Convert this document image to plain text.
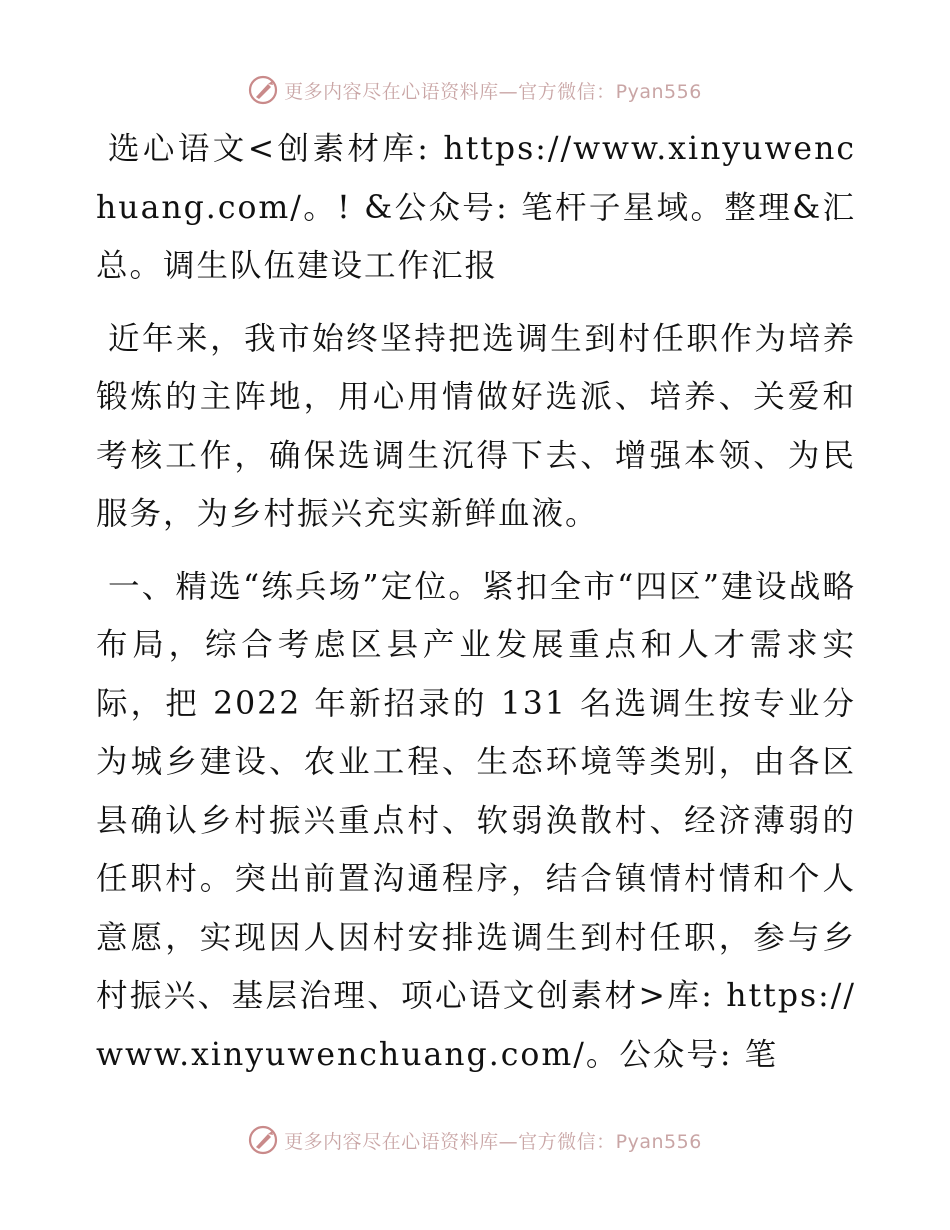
更多内容尽在心语资料库—官方微信：Pyan556

选心语文<创素材库: https://www.xinyuwenchuang.com/。! &公众号: 笔杆子星域。整理&汇总。调生队伍建设工作汇报

近年来，我市始终坚持把选调生到村任职作为培养锻炼的主阵地，用心用情做好选派、培养、关爱和考核工作，确保选调生沉得下去、增强本领、为民服务，为乡村振兴充实新鲜血液。

一、精选“练兵场”定位。紧扣全市“四区”建设战略布局，综合考虑区县产业发展重点和人才需求实际，把 2022 年新招录的 131 名选调生按专业分为城乡建设、农业工程、生态环境等类别，由各区县确认乡村振兴重点村、软弱涣散村、经济薄弱的任职村。突出前置沟通程序，结合镇情村情和个人意愿，实现因人因村安排选调生到村任职，参与乡村振兴、基层治理、项心语文创素材>库: https://www.xinyuwenchuang.com/。公众号: 笔

更多内容尽在心语资料库—官方微信：Pyan556
